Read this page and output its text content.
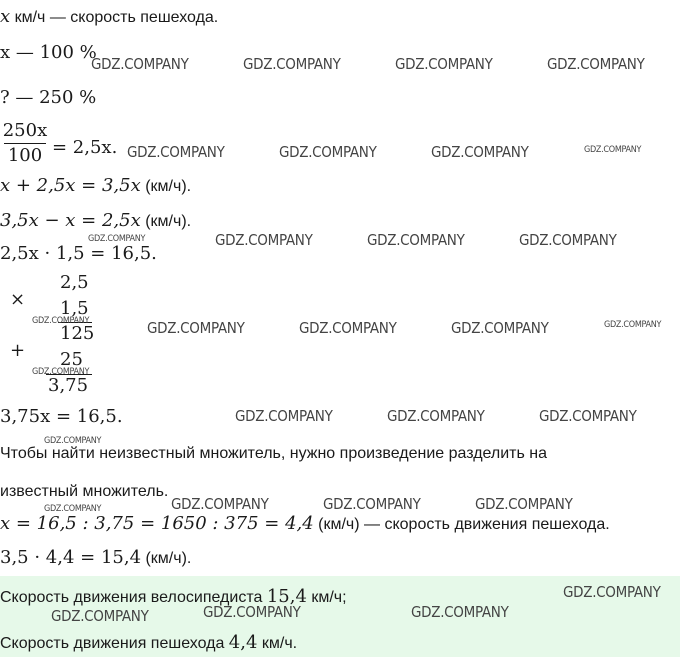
x км/ч — скорость пешехода.
x — 100 %
? — 250 %
250x
100 = 2,5x.
x + 2,5x = 3,5x (км/ч).
3,5x − x = 2,5x (км/ч).
2,5x · 1,5 = 16,5.
×
2,5
1,5
125
+ 25
3,75
3,75x = 16,5.
Чтобы найти неизвестный множитель, нужно произведение разделить на
известный множитель.
x = 16,5 : 3,75 = 1650 : 375 = 4,4 (км/ч) — скорость движения пешехода.
3,5 · 4,4 = 15,4 (км/ч).
Скорость движения велосипедиста 15,4 км/ч;
Скорость движения пешехода 4,4 км/ч.
GDZ.COMPANY	GDZ.COMPANY	GDZ.COMPANY	GDZ.COMPANY
GDZ.COMPANY	GDZ.COMPANY	GDZ.COMPANY	GDZ.COMPANY
GDZ.COMPANY	GDZ.COMPANY	GDZ.COMPANY	GDZ.COMPANY
GDZ.COMPANY	GDZ.COMPANY	GDZ.COMPANY	GDZ.COMPANY	GDZ.COMPANY
GDZ.COMPANY
GDZ.COMPANY	GDZ.COMPANY	GDZ.COMPANY
GDZ.COMPANY
GDZ.COMPANY	GDZ.COMPANY	GDZ.COMPANY	GDZ.COMPANY
GDZ.COMPANY
GDZ.COMPANY	GDZ.COMPANY	GDZ.COMPANY
